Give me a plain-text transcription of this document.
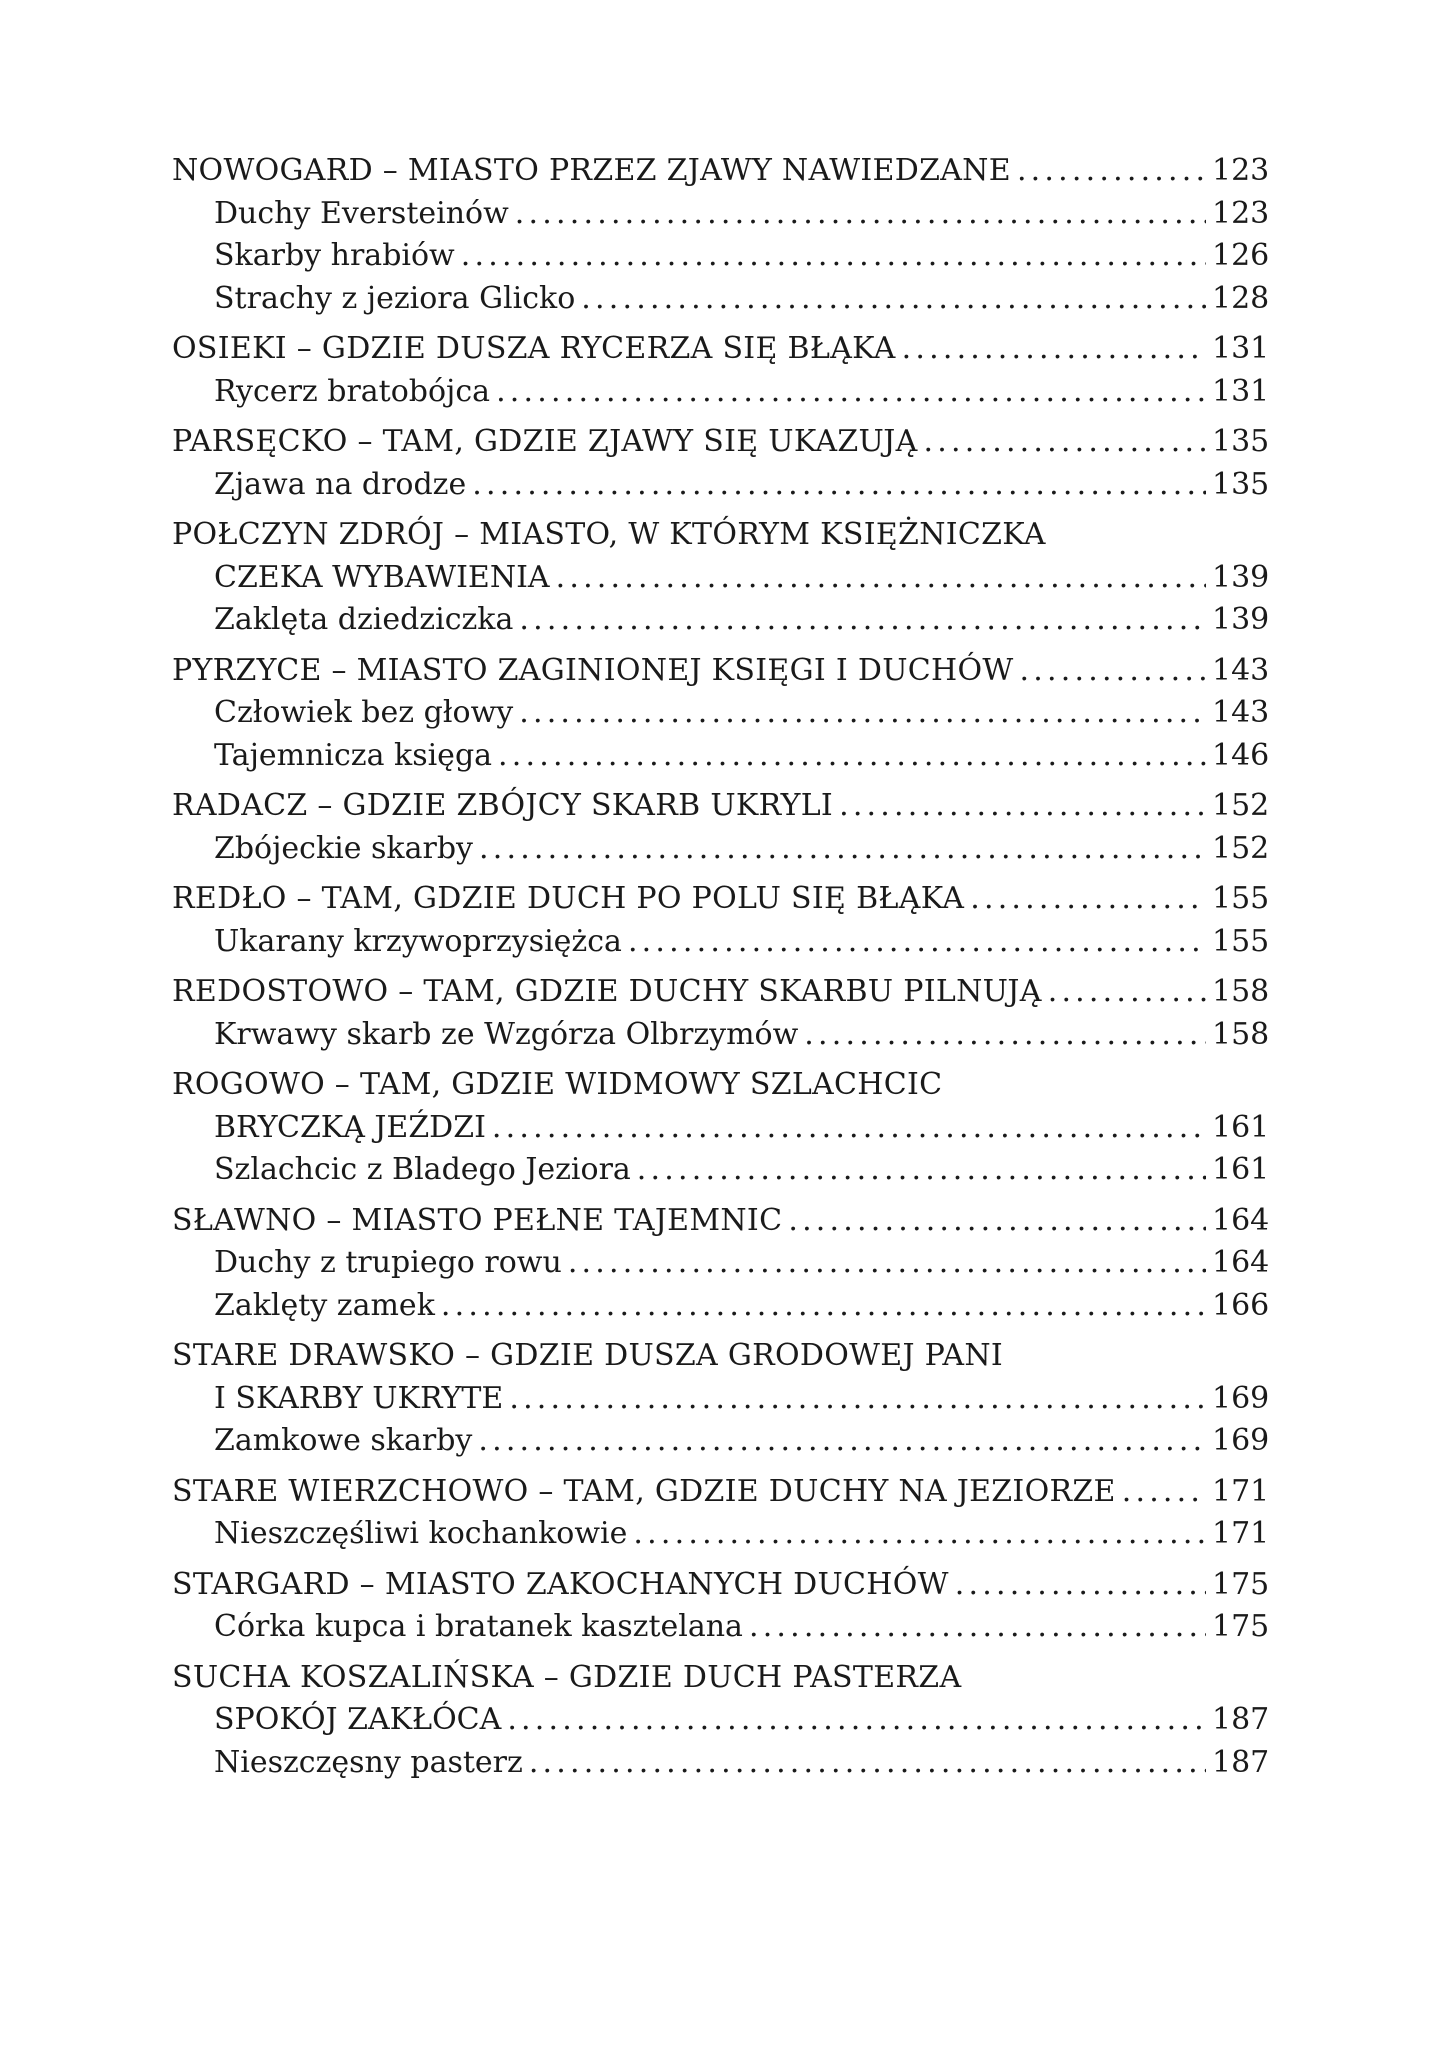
NOWOGARD – MIASTO PRZEZ ZJAWY NAWIEDZANE .....	123
Duchy Eversteinów .....	123
Skarby hrabiów .....	126
Strachy z jeziora Glicko .....	128
OSIEKI – GDZIE DUSZA RYCERZA SIĘ BŁĄKA .....	131
Rycerz bratobójca .....	131
PARSĘCKO – TAM, GDZIE ZJAWY SIĘ UKAZUJĄ .....	135
Zjawa na drodze .....	135
POŁCZYN ZDRÓJ – MIASTO, W KTÓRYM KSIĘŻNICZKA
CZEKA WYBAWIENIA .....	139
Zaklęta dziedziczka .....	139
PYRZYCE – MIASTO ZAGINIONEJ KSIĘGI I DUCHÓW .....	143
Człowiek bez głowy .....	143
Tajemnicza księga .....	146
RADACZ – GDZIE ZBÓJCY SKARB UKRYLI .....	152
Zbójeckie skarby .....	152
REDŁO – TAM, GDZIE DUCH PO POLU SIĘ BŁĄKA .....	155
Ukarany krzywoprzysiężca .....	155
REDOSTOWO – TAM, GDZIE DUCHY SKARBU PILNUJĄ .....	158
Krwawy skarb ze Wzgórza Olbrzymów .....	158
ROGOWO – TAM, GDZIE WIDMOWY SZLACHCIC
BRYCZKĄ JEŹDZI .....	161
Szlachcic z Bladego Jeziora .....	161
SŁAWNO – MIASTO PEŁNE TAJEMNIC .....	164
Duchy z trupiego rowu .....	164
Zaklęty zamek .....	166
STARE DRAWSKO – GDZIE DUSZA GRODOWEJ PANI
I SKARBY UKRYTE .....	169
Zamkowe skarby .....	169
STARE WIERZCHOWO – TAM, GDZIE DUCHY NA JEZIORZE .....	171
Nieszczęśliwi kochankowie .....	171
STARGARD – MIASTO ZAKOCHANYCH DUCHÓW .....	175
Córka kupca i bratanek kasztelana .....	175
SUCHA KOSZALIŃSKA – GDZIE DUCH PASTERZA
SPOKÓJ ZAKŁÓCA .....	187
Nieszczęsny pasterz .....	187
